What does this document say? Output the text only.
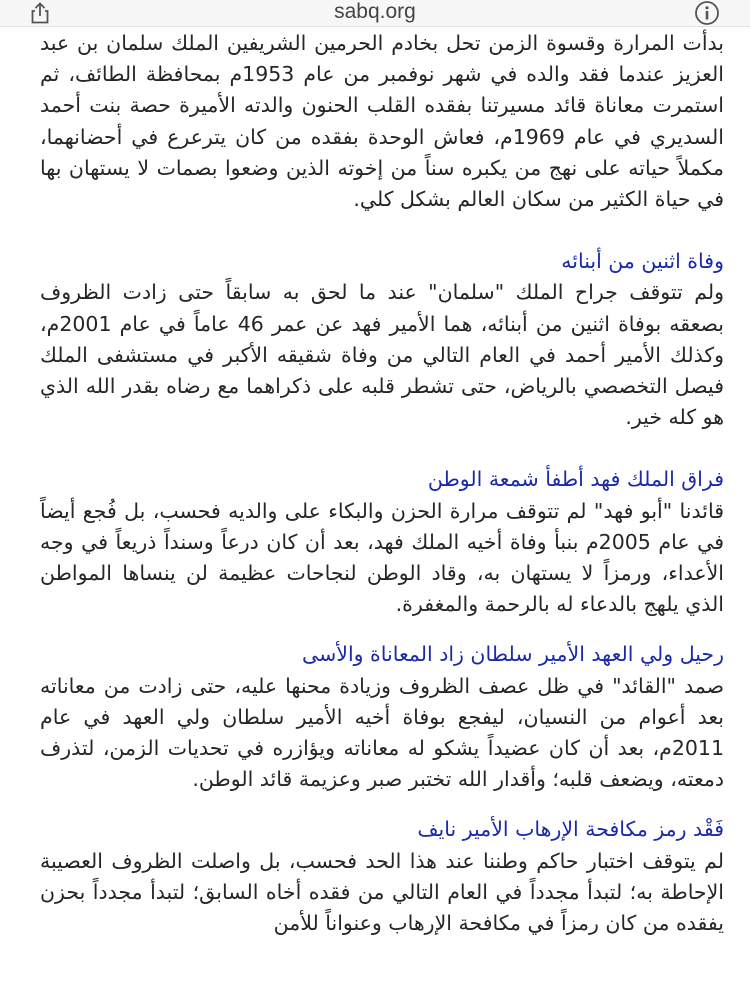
sabq.org

بدأت المرارة وقسوة الزمن تحل بخادم الحرمين الشريفين الملك سلمان بن عبد العزيز عندما فقد والده في شهر نوفمبر من عام 1953م بمحافظة الطائف، ثم استمرت معاناة قائد مسيرتنا بفقده القلب الحنون والدته الأميرة حصة بنت أحمد السديري في عام 1969م، فعاش الوحدة بفقده من كان يترعرع في أحضانهما، مكملاً حياته على نهج من يكبره سناً من إخوته الذين وضعوا بصمات لا يستهان بها في حياة الكثير من سكان العالم بشكل كلي.

وفاة اثنين من أبنائه

ولم تتوقف جراح الملك "سلمان" عند ما لحق به سابقاً حتى زادت الظروف بصعقه بوفاة اثنين من أبنائه، هما الأمير فهد عن عمر 46 عاماً في عام 2001م، وكذلك الأمير أحمد في العام التالي من وفاة شقيقه الأكبر في مستشفى الملك فيصل التخصصي بالرياض، حتى تشطر قلبه على ذكراهما مع رضاه بقدر الله الذي هو كله خير.

فراق الملك فهد أطفأ شمعة الوطن

قائدنا "أبو فهد" لم تتوقف مرارة الحزن والبكاء على والديه فحسب، بل فُجع أيضاً في عام 2005م بنبأ وفاة أخيه الملك فهد، بعد أن كان درعاً وسنداً ذريعاً في وجه الأعداء، ورمزاً لا يستهان به، وقاد الوطن لنجاحات عظيمة لن ينساها المواطن الذي يلهج بالدعاء له بالرحمة والمغفرة.

رحيل ولي العهد الأمير سلطان زاد المعاناة والأسى

صمد "القائد" في ظل عصف الظروف وزيادة محنها عليه، حتى زادت من معاناته بعد أعوام من النسيان، ليفجع بوفاة أخيه الأمير سلطان ولي العهد في عام 2011م، بعد أن كان عضيداً يشكو له معاناته ويؤازره في تحديات الزمن، لتذرف دمعته، ويضعف قلبه؛ وأقدار الله تختبر صبر وعزيمة قائد الوطن.

فَقْد رمز مكافحة الإرهاب الأمير نايف

لم يتوقف اختبار حاكم وطننا عند هذا الحد فحسب، بل واصلت الظروف العصيبة الإحاطة به؛ لتبدأ مجدداً في العام التالي من فقده أخاه السابق؛ لتبدأ مجدداً بحزن يفقده من كان رمزاً في مكافحة الإرهاب وعنواناً للأمن
